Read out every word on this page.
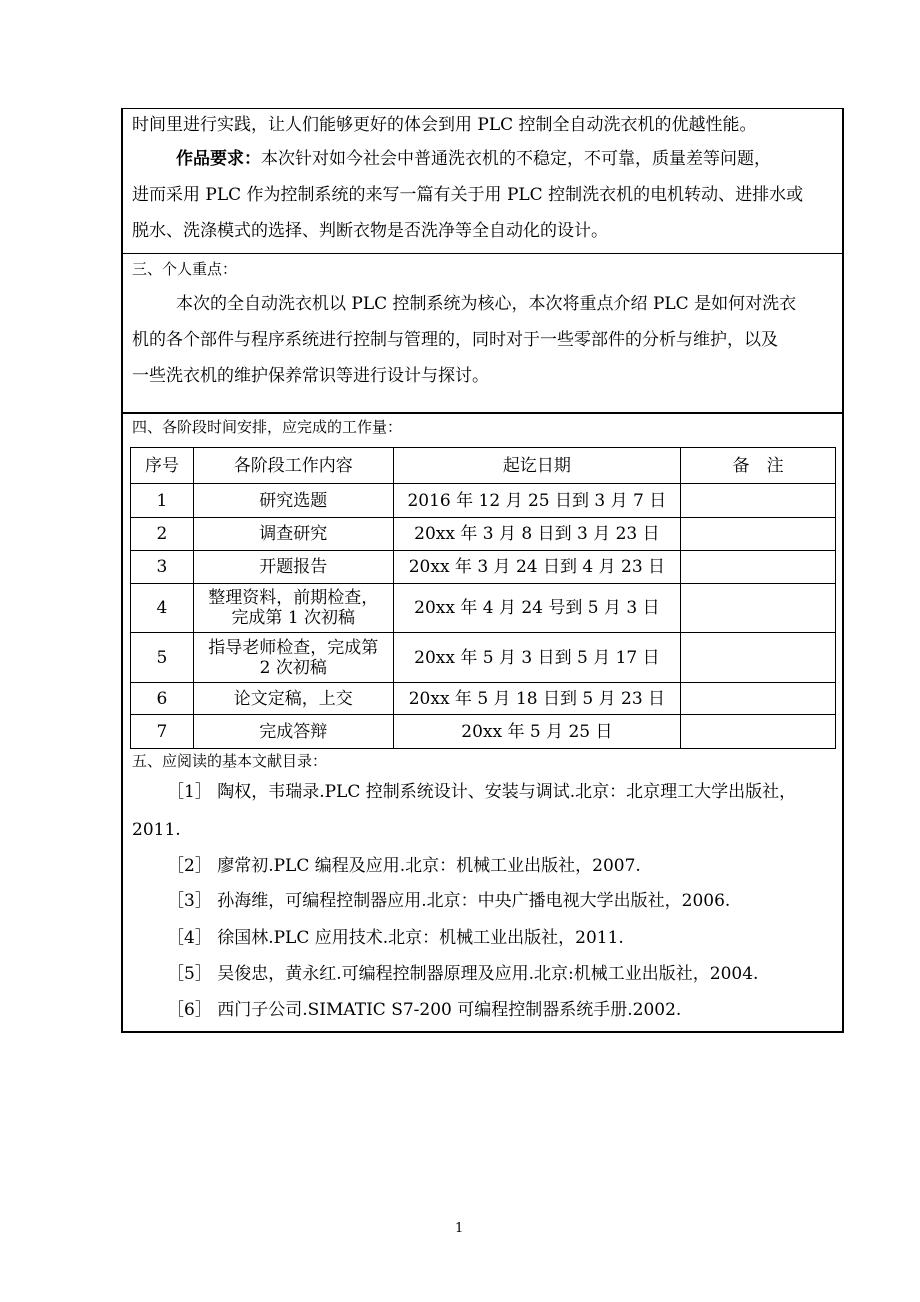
时间里进行实践，让人们能够更好的体会到用 PLC 控制全自动洗衣机的优越性能。
作品要求：本次针对如今社会中普通洗衣机的不稳定，不可靠，质量差等问题，
进而采用 PLC 作为控制系统的来写一篇有关于用 PLC 控制洗衣机的电机转动、进排水或
脱水、洗涤模式的选择、判断衣物是否洗净等全自动化的设计。
三、个人重点：
本次的全自动洗衣机以 PLC 控制系统为核心，本次将重点介绍 PLC 是如何对洗衣
机的各个部件与程序系统进行控制与管理的，同时对于一些零部件的分析与维护，以及
一些洗衣机的维护保养常识等进行设计与探讨。
四、各阶段时间安排，应完成的工作量：
序号	各阶段工作内容	起讫日期	备　注
1	研究选题	2016 年 12 月 25 日到 3 月 7 日	
2	调查研究	20xx 年 3 月 8 日到 3 月 23 日	
3	开题报告	20xx 年 3 月 24 日到 4 月 23 日	
4	整理资料，前期检查，
完成第 1 次初稿	20xx 年 4 月 24 号到 5 月 3 日	
5	指导老师检查，完成第
2 次初稿	20xx 年 5 月 3 日到 5 月 17 日	
6	论文定稿，上交	20xx 年 5 月 18 日到 5 月 23 日	
7	完成答辩	20xx 年 5 月 25 日	
五、应阅读的基本文献目录：
［1］ 陶权，韦瑞录.PLC 控制系统设计、安装与调试.北京：北京理工大学出版社，
2011.
［2］ 廖常初.PLC 编程及应用.北京：机械工业出版社，2007.
［3］ 孙海维，可编程控制器应用.北京：中央广播电视大学出版社，2006.
［4］ 徐国林.PLC 应用技术.北京：机械工业出版社，2011.
［5］ 吴俊忠，黄永红.可编程控制器原理及应用.北京:机械工业出版社，2004.
［6］ 西门子公司.SIMATIC S7-200 可编程控制器系统手册.2002.
1
